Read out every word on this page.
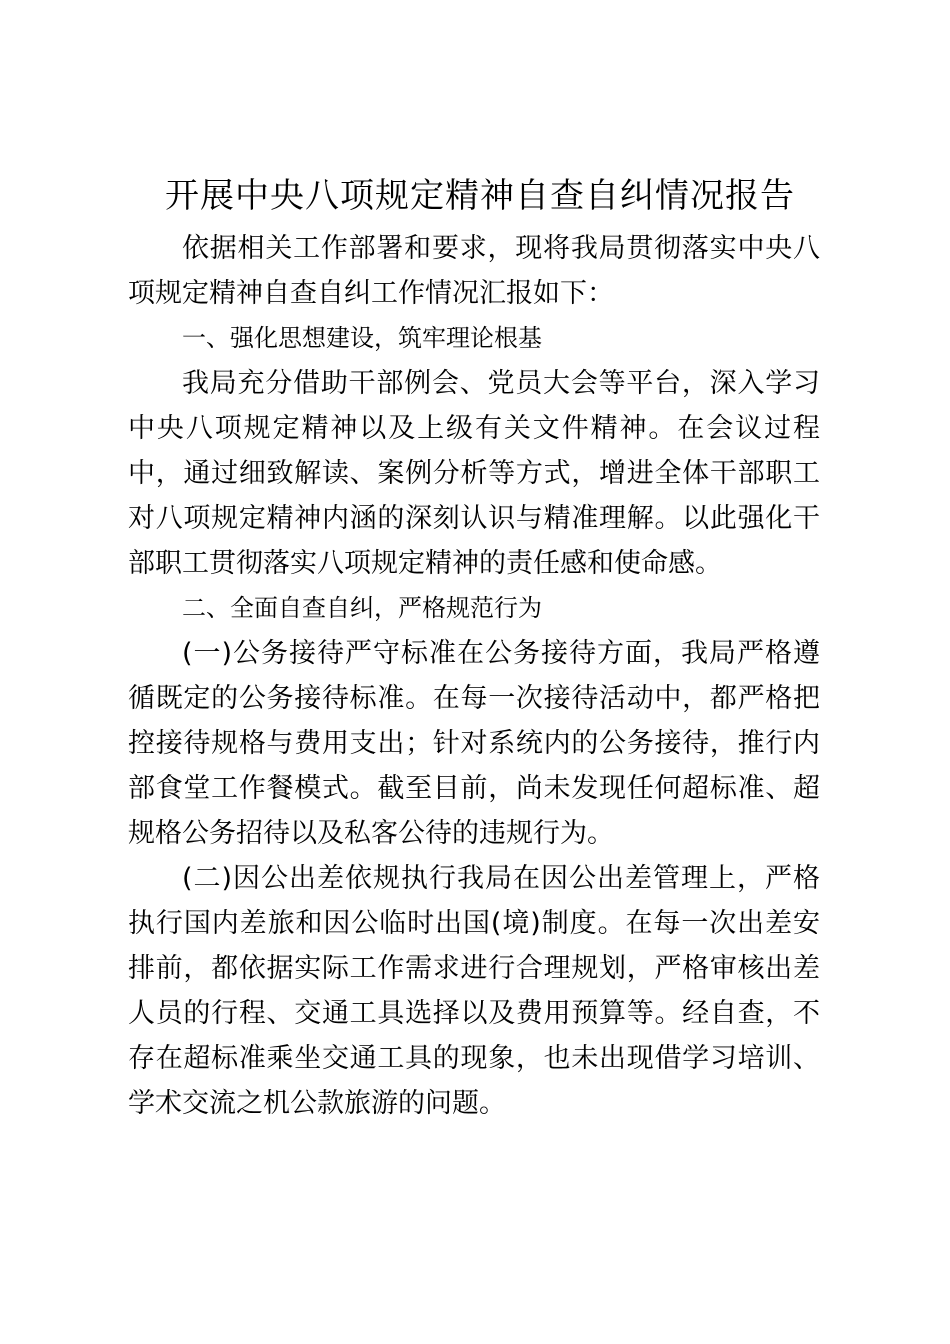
开展中央八项规定精神自查自纠情况报告

依据相关工作部署和要求，现将我局贯彻落实中央八项规定精神自查自纠工作情况汇报如下：

一、强化思想建设，筑牢理论根基

我局充分借助干部例会、党员大会等平台，深入学习中央八项规定精神以及上级有关文件精神。在会议过程中，通过细致解读、案例分析等方式，增进全体干部职工对八项规定精神内涵的深刻认识与精准理解。以此强化干部职工贯彻落实八项规定精神的责任感和使命感。

二、全面自查自纠，严格规范行为

(一)公务接待严守标准在公务接待方面，我局严格遵循既定的公务接待标准。在每一次接待活动中，都严格把控接待规格与费用支出；针对系统内的公务接待，推行内部食堂工作餐模式。截至目前，尚未发现任何超标准、超规格公务招待以及私客公待的违规行为。

(二)因公出差依规执行我局在因公出差管理上，严格执行国内差旅和因公临时出国(境)制度。在每一次出差安排前，都依据实际工作需求进行合理规划，严格审核出差人员的行程、交通工具选择以及费用预算等。经自查，不存在超标准乘坐交通工具的现象，也未出现借学习培训、学术交流之机公款旅游的问题。
